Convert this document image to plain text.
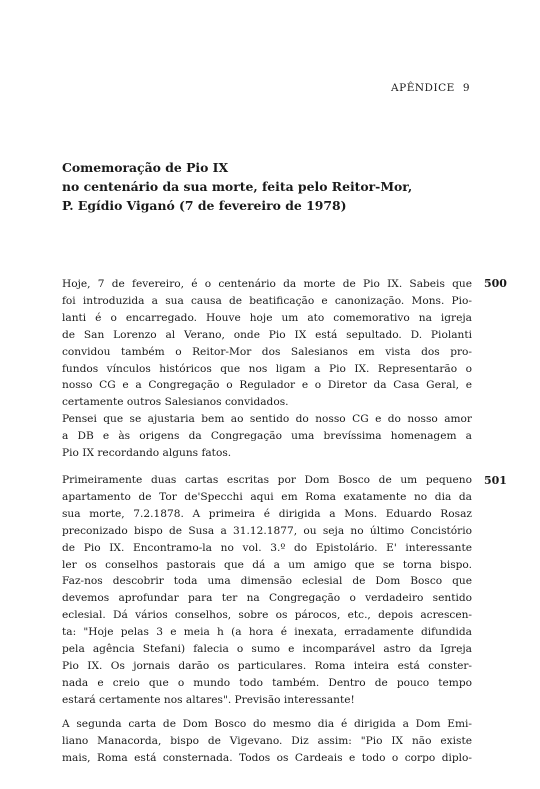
APÊNDICE 9
Comemoração de Pio IX
no centenário da sua morte, feita pelo Reitor-Mor,
P. Egídio Viganó (7 de fevereiro de 1978)
500
501
Hoje, 7 de fevereiro, é o centenário da morte de Pio IX. Sabeis que
foi introduzida a sua causa de beatificação e canonização. Mons. Pio-
lanti é o encarregado. Houve hoje um ato comemorativo na igreja
de San Lorenzo al Verano, onde Pio IX está sepultado. D. Piolanti
convidou também o Reitor-Mor dos Salesianos em vista dos pro-
fundos vínculos históricos que nos ligam a Pio IX. Representarão o
nosso CG e a Congregação o Regulador e o Diretor da Casa Geral, e
certamente outros Salesianos convidados.
Pensei que se ajustaria bem ao sentido do nosso CG e do nosso amor
a DB e às origens da Congregação uma brevíssima homenagem a
Pio IX recordando alguns fatos.
Primeiramente duas cartas escritas por Dom Bosco de um pequeno
apartamento de Tor de'Specchi aqui em Roma exatamente no dia da
sua morte, 7.2.1878. A primeira é dirigida a Mons. Eduardo Rosaz
preconizado bispo de Susa a 31.12.1877, ou seja no último Concistório
de Pio IX. Encontramo-la no vol. 3.º do Epistolário. E' interessante
ler os conselhos pastorais que dá a um amigo que se torna bispo.
Faz-nos descobrir toda uma dimensão eclesial de Dom Bosco que
devemos aprofundar para ter na Congregação o verdadeiro sentido
eclesial. Dá vários conselhos, sobre os párocos, etc., depois acrescen-
ta: "Hoje pelas 3 e meia h (a hora é inexata, erradamente difundida
pela agência Stefani) falecia o sumo e incomparável astro da Igreja
Pio IX. Os jornais darão os particulares. Roma inteira está conster-
nada e creio que o mundo todo também. Dentro de pouco tempo
estará certamente nos altares". Previsão interessante!
A segunda carta de Dom Bosco do mesmo dia é dirigida a Dom Emi-
liano Manacorda, bispo de Vigevano. Diz assim: "Pio IX não existe
mais, Roma está consternada. Todos os Cardeais e todo o corpo diplo-
